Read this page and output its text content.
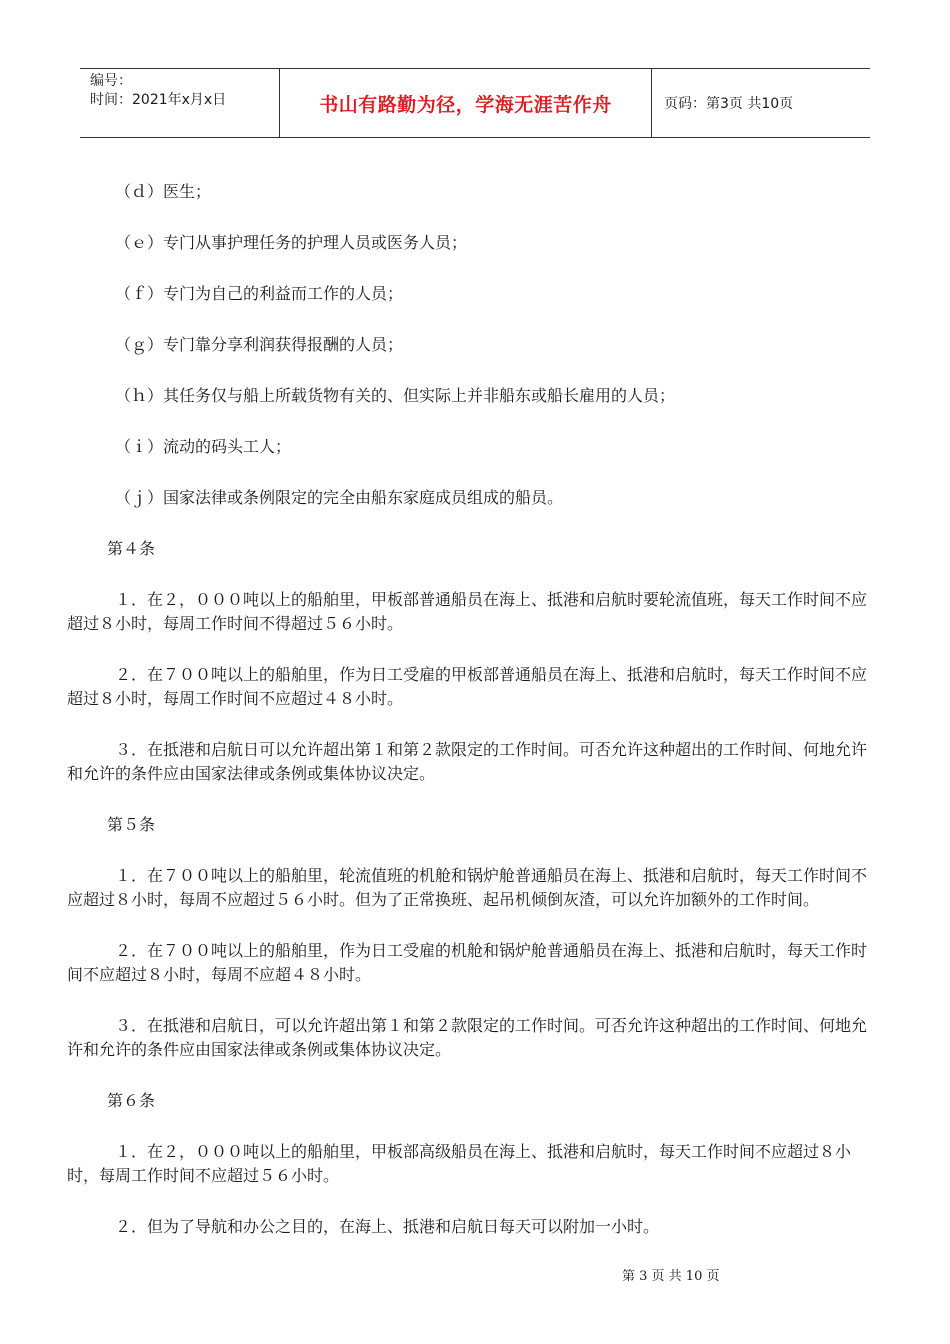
编号：
时间：2021年x月x日	书山有路勤为径，学海无涯苦作舟	页码：第3页 共10页

（ｄ）医生；

（ｅ）专门从事护理任务的护理人员或医务人员；

（ｆ）专门为自己的利益而工作的人员；

（ｇ）专门靠分享利润获得报酬的人员；

（ｈ）其任务仅与船上所载货物有关的、但实际上并非船东或船长雇用的人员；

（ｉ）流动的码头工人；

（ｊ）国家法律或条例限定的完全由船东家庭成员组成的船员。

第４条

１．在２，０００吨以上的船舶里，甲板部普通船员在海上、抵港和启航时要轮流值班，每天工作时间不应超过８小时，每周工作时间不得超过５６小时。

２．在７００吨以上的船舶里，作为日工受雇的甲板部普通船员在海上、抵港和启航时，每天工作时间不应超过８小时，每周工作时间不应超过４８小时。

３．在抵港和启航日可以允许超出第１和第２款限定的工作时间。可否允许这种超出的工作时间、何地允许和允许的条件应由国家法律或条例或集体协议决定。

第５条

１．在７００吨以上的船舶里，轮流值班的机舱和锅炉舱普通船员在海上、抵港和启航时，每天工作时间不应超过８小时，每周不应超过５６小时。但为了正常换班、起吊机倾倒灰渣，可以允许加额外的工作时间。

２．在７００吨以上的船舶里，作为日工受雇的机舱和锅炉舱普通船员在海上、抵港和启航时，每天工作时间不应超过８小时，每周不应超４８小时。

３．在抵港和启航日，可以允许超出第１和第２款限定的工作时间。可否允许这种超出的工作时间、何地允许和允许的条件应由国家法律或条例或集体协议决定。

第６条

１．在２，０００吨以上的船舶里，甲板部高级船员在海上、抵港和启航时，每天工作时间不应超过８小时，每周工作时间不应超过５６小时。

２．但为了导航和办公之目的，在海上、抵港和启航日每天可以附加一小时。

第 3 页 共 10 页
